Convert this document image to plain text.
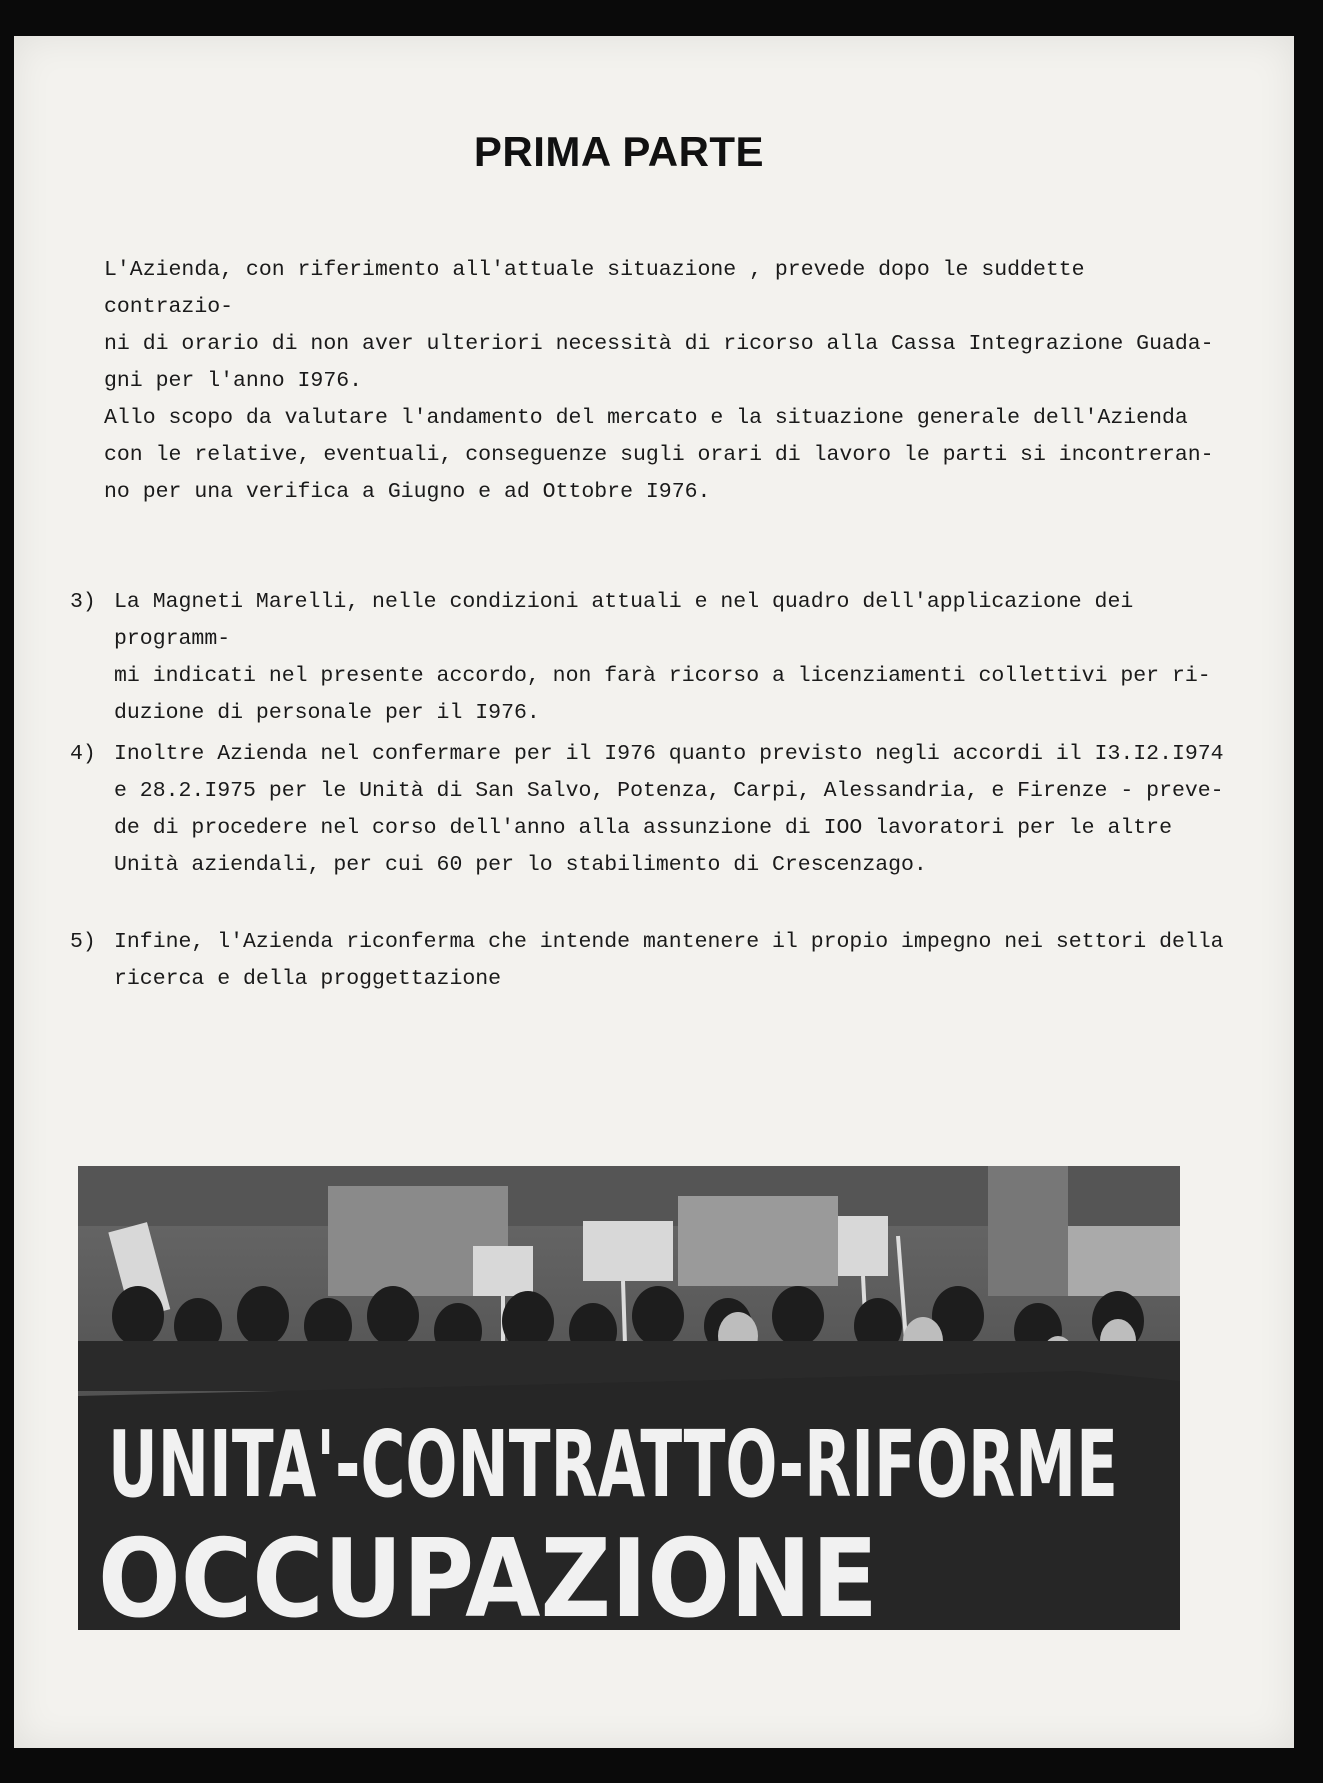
PRIMA PARTE

L'Azienda, con riferimento all'attuale situazione , prevede dopo le suddette contrazio-

ni di orario di non aver ulteriori necessità di ricorso alla Cassa Integrazione Guada-

gni per l'anno I976.

Allo scopo da valutare l'andamento del mercato e la situazione generale dell'Azienda

con le relative, eventuali, conseguenze sugli orari di lavoro le parti si incontreran-

no per una verifica a Giugno e ad Ottobre I976.

3) La Magneti Marelli, nelle condizioni attuali e nel quadro dell'applicazione dei programm-

mi indicati nel presente accordo, non farà ricorso a licenziamenti collettivi per ri-

duzione di personale per il I976.

4) Inoltre Azienda nel confermare per il I976 quanto previsto negli accordi il I3.I2.I974

e 28.2.I975 per le Unità di San Salvo, Potenza, Carpi, Alessandria, e Firenze - preve-

de di procedere nel corso dell'anno alla assunzione di IOO lavoratori per le altre

Unità aziendali, per cui 60 per lo stabilimento di Crescenzago.

5) Infine, l'Azienda riconferma che intende mantenere il propio impegno nei settori della

ricerca e della proggettazione

UNITA'-CONTRATTO-RIFORME
OCCUPAZIONE
